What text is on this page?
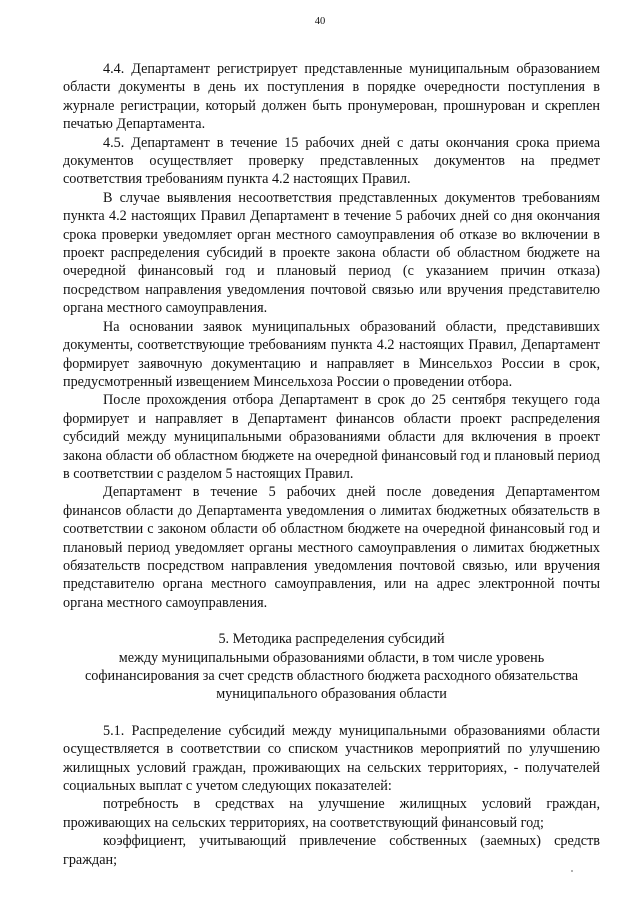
40

4.4. Департамент регистрирует представленные муниципальным образованием области документы в день их поступления в порядке очередности поступления в журнале регистрации, который должен быть пронумерован, прошнурован и скреплен печатью Департамента.

4.5. Департамент в течение 15 рабочих дней с даты окончания срока приема документов осуществляет проверку представленных документов на предмет соответствия требованиям пункта 4.2 настоящих Правил.

В случае выявления несоответствия представленных документов требованиям пункта 4.2 настоящих Правил Департамент в течение 5 рабочих дней со дня окончания срока проверки уведомляет орган местного самоуправления об отказе во включении в проект распределения субсидий в проекте закона области об областном бюджете на очередной финансовый год и плановый период (с указанием причин отказа) посредством направления уведомления почтовой связью или вручения представителю органа местного самоуправления.

На основании заявок муниципальных образований области, представивших документы, соответствующие требованиям пункта 4.2 настоящих Правил, Департамент формирует заявочную документацию и направляет в Минсельхоз России в срок, предусмотренный извещением Минсельхоза России о проведении отбора.

После прохождения отбора Департамент в срок до 25 сентября текущего года формирует и направляет в Департамент финансов области проект распределения субсидий между муниципальными образованиями области для включения в проект закона области об областном бюджете на очередной финансовый год и плановый период в соответствии с разделом 5 настоящих Правил.

Департамент в течение 5 рабочих дней после доведения Департаментом финансов области до Департамента уведомления о лимитах бюджетных обязательств в соответствии с законом области об областном бюджете на очередной финансовый год и плановый период уведомляет органы местного самоуправления о лимитах бюджетных обязательств посредством направления уведомления почтовой связью, или вручения представителю органа местного самоуправления, или на адрес электронной почты органа местного самоуправления.

5. Методика распределения субсидий
между муниципальными образованиями области, в том числе уровень софинансирования за счет средств областного бюджета расходного обязательства муниципального образования области

5.1. Распределение субсидий между муниципальными образованиями области осуществляется в соответствии со списком участников мероприятий по улучшению жилищных условий граждан, проживающих на сельских территориях, - получателей социальных выплат с учетом следующих показателей:

потребность в средствах на улучшение жилищных условий граждан, проживающих на сельских территориях, на соответствующий финансовый год;

коэффициент, учитывающий привлечение собственных (заемных) средств граждан;
